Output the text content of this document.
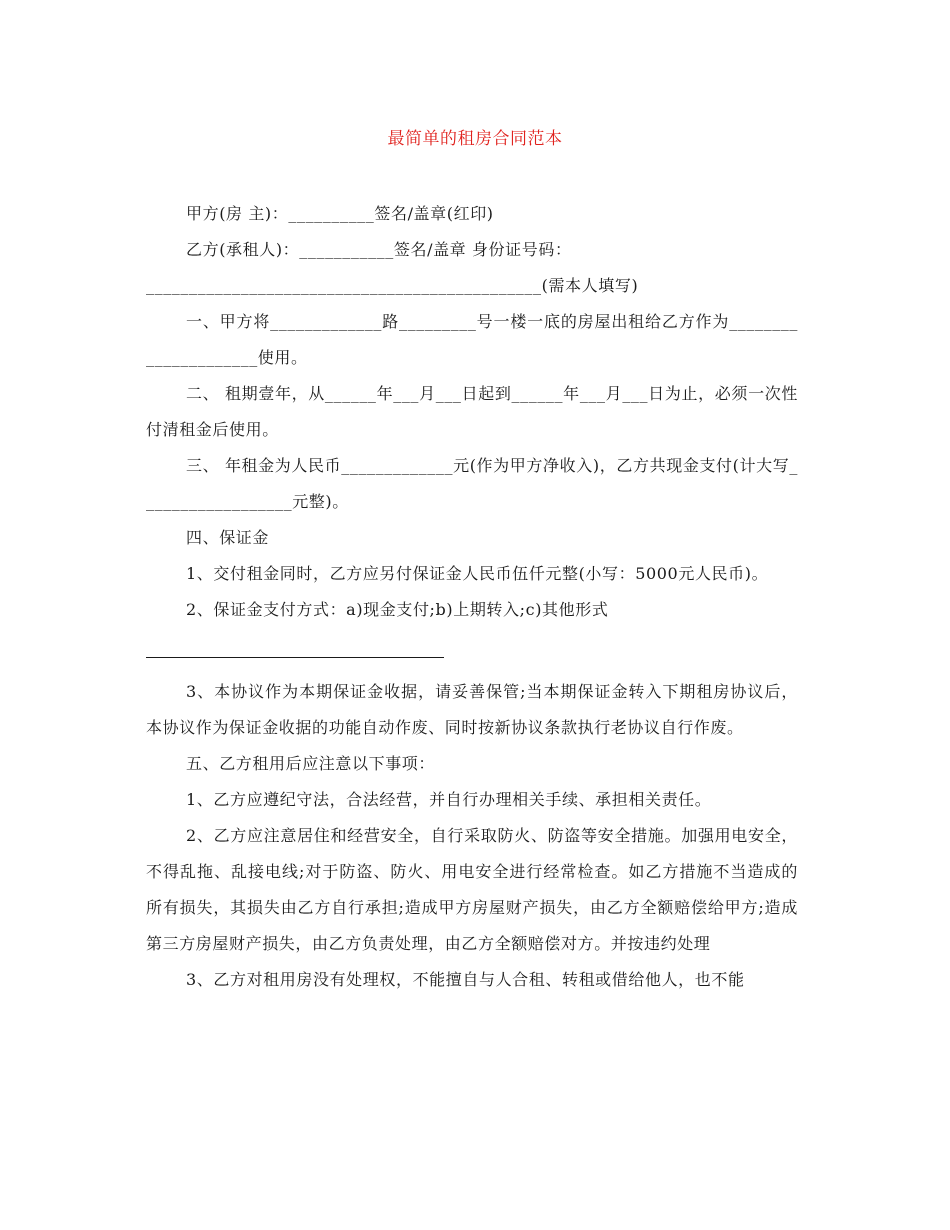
最简单的租房合同范本

甲方(房 主)：__________签名/盖章(红印)

乙方(承租人)：___________签名/盖章 身份证号码：

______________________________________________(需本人填写)

一、甲方将_____________路_________号一楼一底的房屋出租给乙方作为_____________________使用。

二、 租期壹年，从______年___月___日起到______年___月___日为止，必须一次性付清租金后使用。

三、 年租金为人民币_____________元(作为甲方净收入)，乙方共现金支付(计大写__________________元整)。

四、保证金

1、交付租金同时，乙方应另付保证金人民币伍仟元整(小写：5000元人民币)。

2、保证金支付方式：a)现金支付;b)上期转入;c)其他形式

3、本协议作为本期保证金收据，请妥善保管;当本期保证金转入下期租房协议后，本协议作为保证金收据的功能自动作废、同时按新协议条款执行老协议自行作废。

五、乙方租用后应注意以下事项：

1、乙方应遵纪守法，合法经营，并自行办理相关手续、承担相关责任。

2、乙方应注意居住和经营安全，自行采取防火、防盗等安全措施。加强用电安全，不得乱拖、乱接电线;对于防盗、防火、用电安全进行经常检查。如乙方措施不当造成的所有损失，其损失由乙方自行承担;造成甲方房屋财产损失，由乙方全额赔偿给甲方;造成第三方房屋财产损失，由乙方负责处理，由乙方全额赔偿对方。并按违约处理

3、乙方对租用房没有处理权，不能擅自与人合租、转租或借给他人，也不能
